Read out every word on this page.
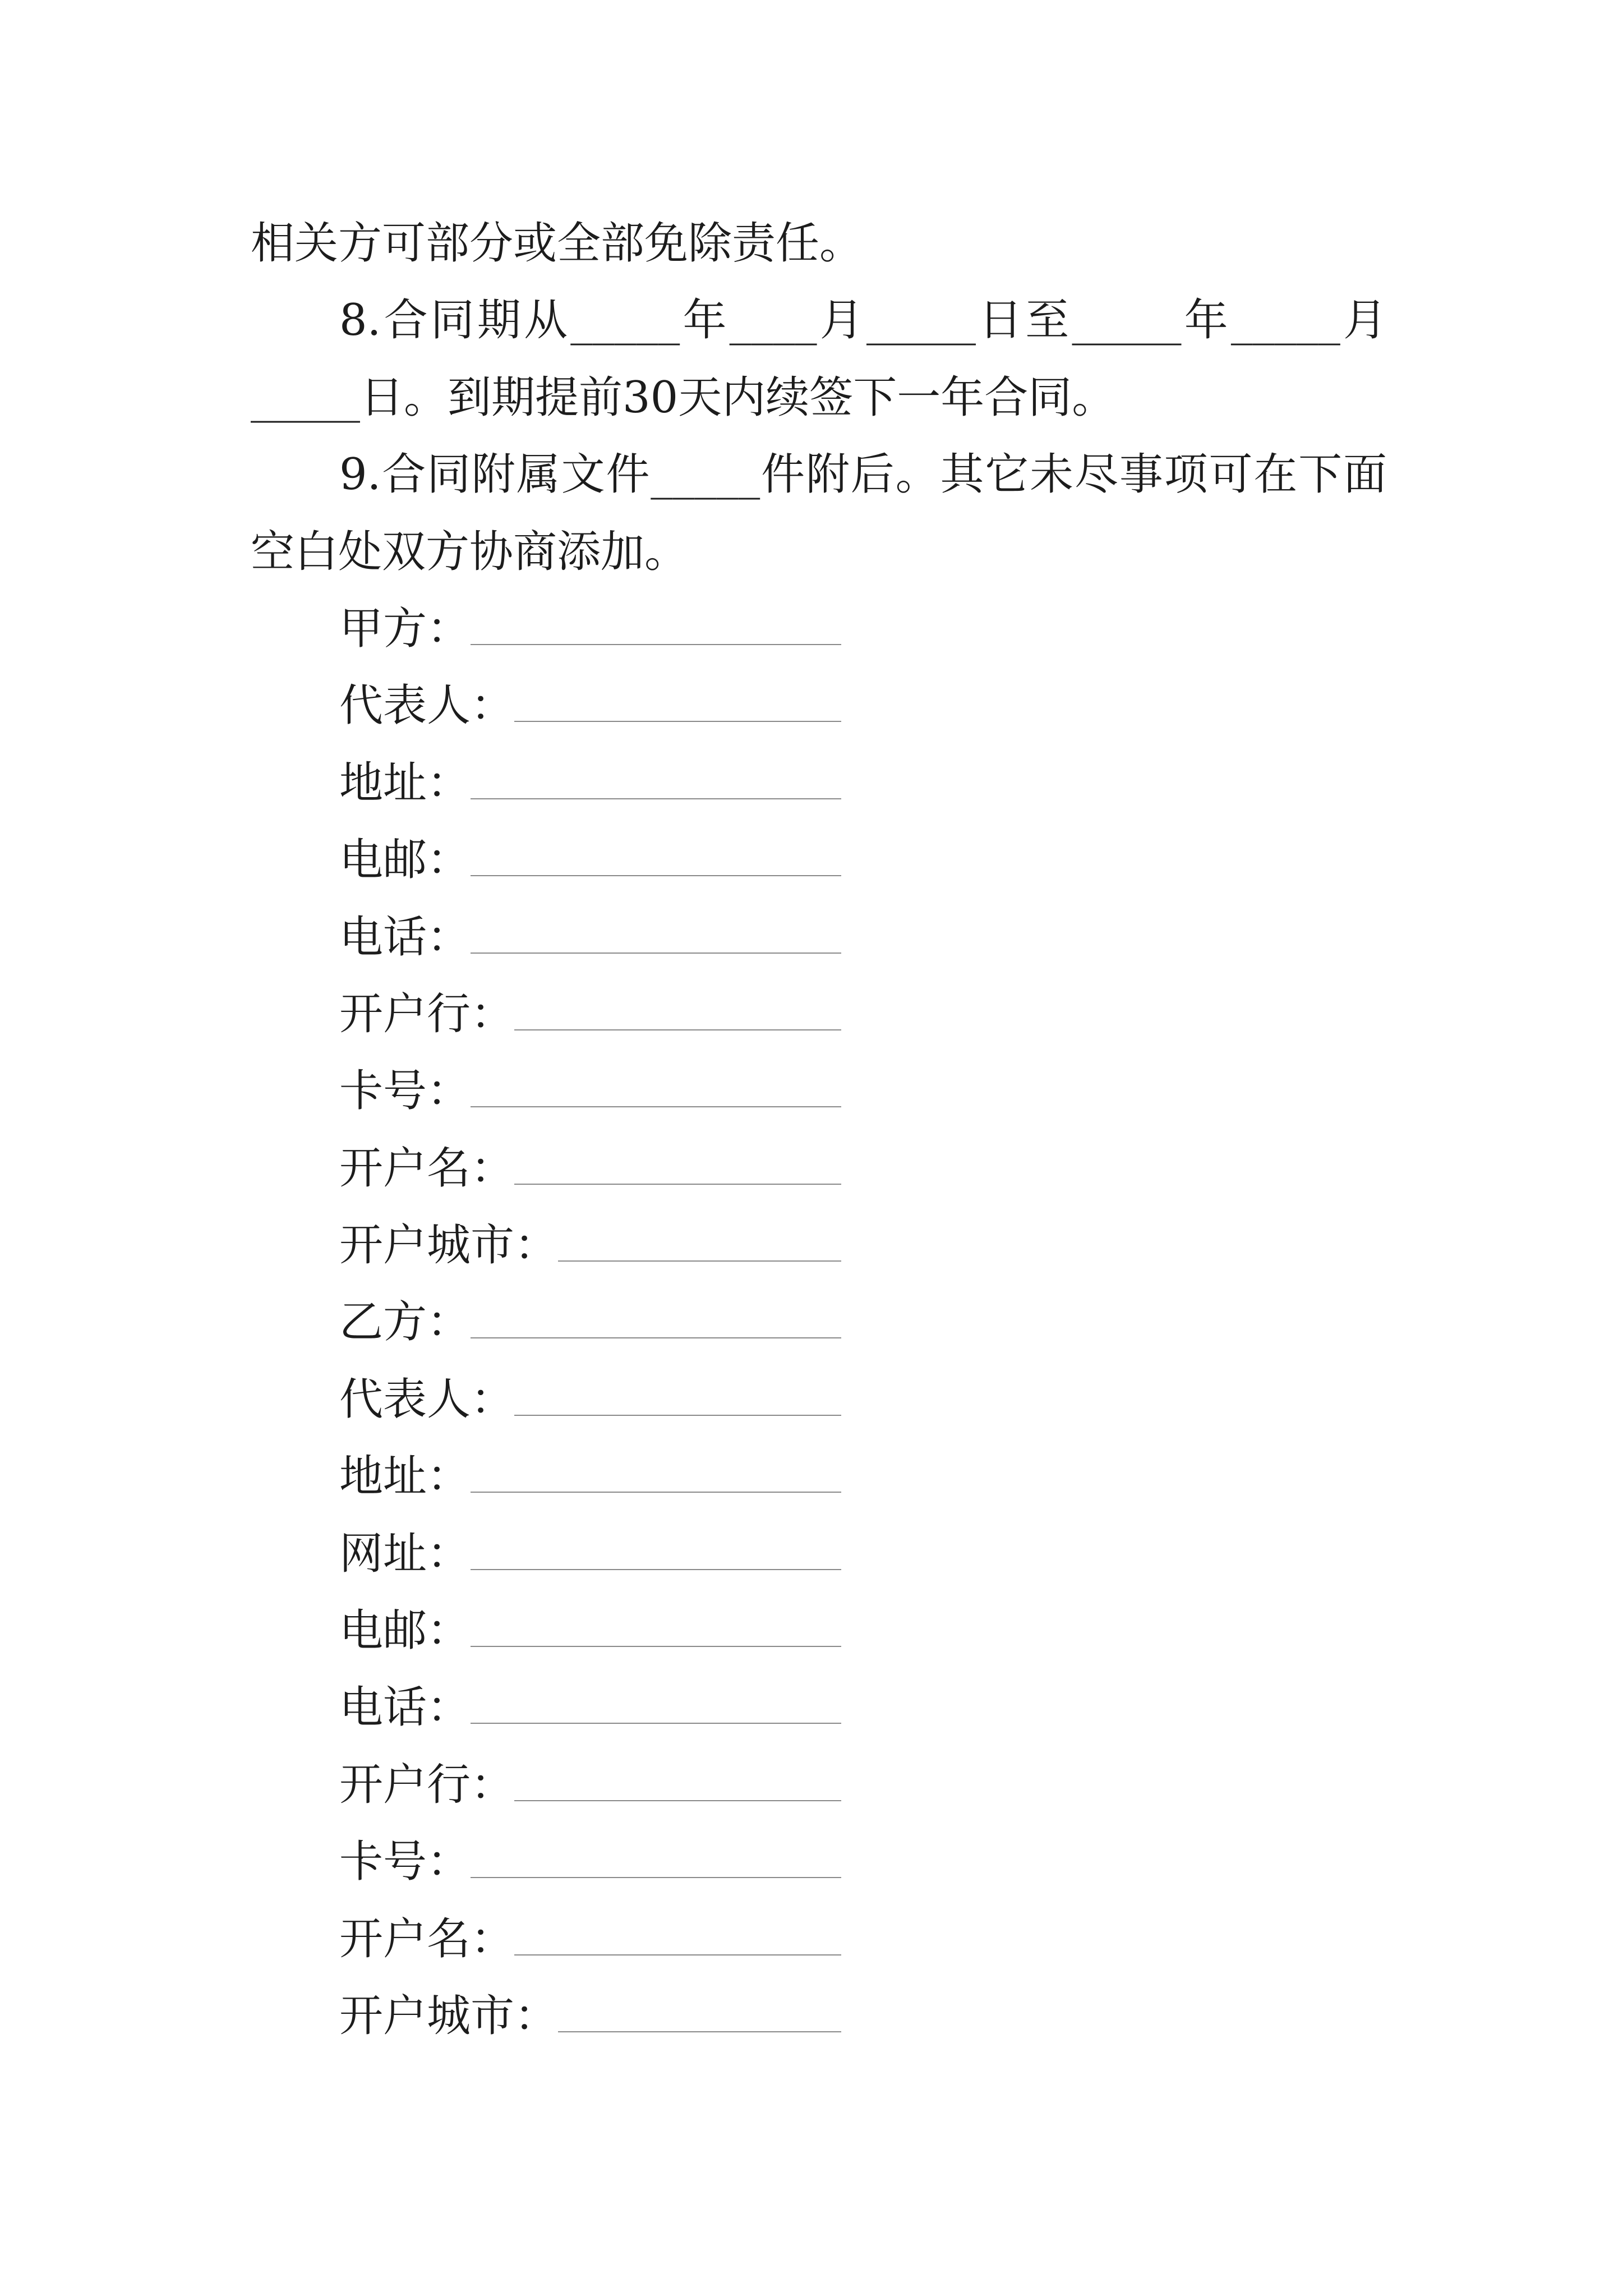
相关方可部分或全部免除责任。
8.合同期从_____年____月_____日至_____年_____月
_____日。到期提前30天内续签下一年合同。
9.合同附属文件_____件附后。其它未尽事项可在下面
空白处双方协商添加。
甲方：
代表人：
地址：
电邮：
电话：
开户行：
卡号：
开户名：
开户城市：
乙方：
代表人：
地址：
网址：
电邮：
电话：
开户行：
卡号：
开户名：
开户城市：
